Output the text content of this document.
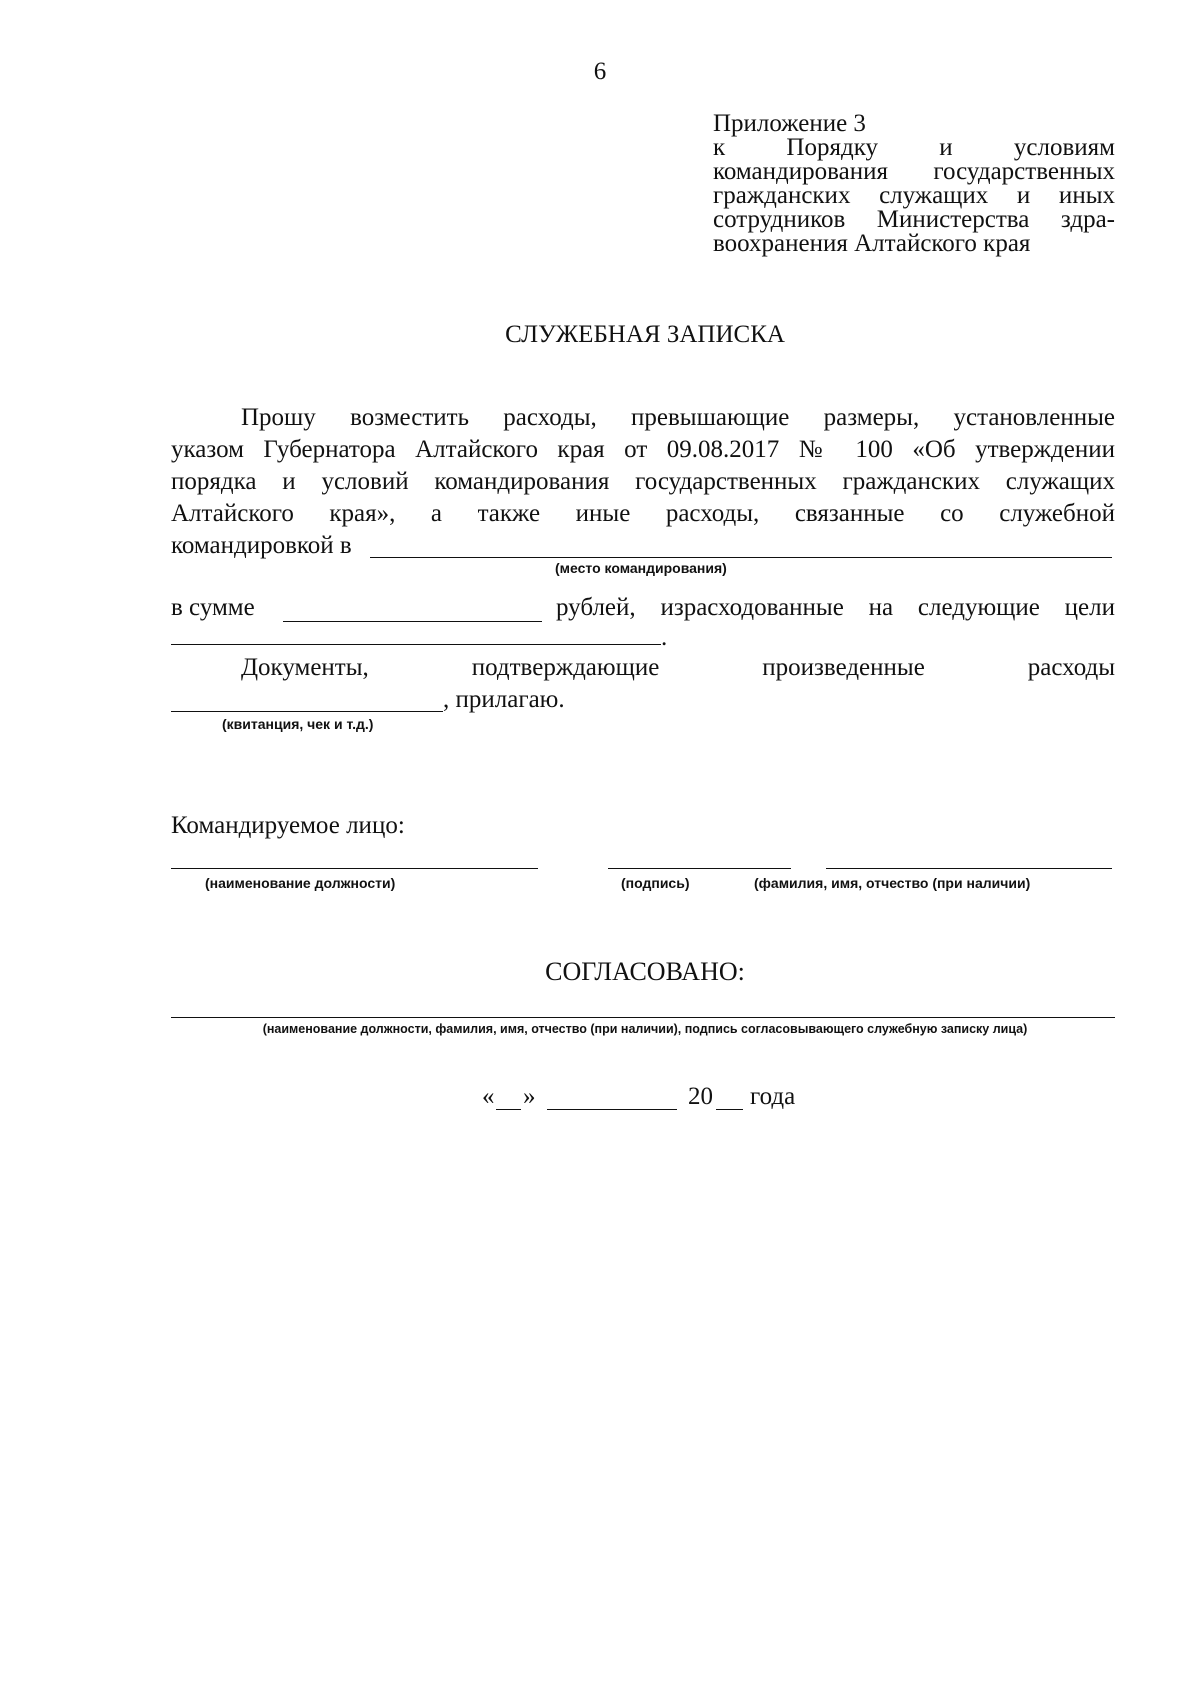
6
Приложение 3
к Порядку и условиям
командирования государственных
гражданских служащих и иных
сотрудников Министерства здра-
воохранения Алтайского края
СЛУЖЕБНАЯ ЗАПИСКА
Прошу возместить расходы, превышающие размеры, установленные
указом Губернатора Алтайского края от 09.08.2017 № 100 «Об утверждении
порядка и условий командирования государственных гражданских служащих
Алтайского края», а также иные расходы, связанные со служебной
командировкой в
(место командирования)
в сумме	рублей, израсходованные на следующие цели
.
Документы, подтверждающие произведенные расходы
, прилагаю.
(квитанция, чек и т.д.)
Командируемое лицо:
(наименование должности)	(подпись)	(фамилия, имя, отчество (при наличии)
СОГЛАСОВАНО:
(наименование должности, фамилия, имя, отчество (при наличии), подпись согласовывающего служебную записку лица)
« »	20 года
